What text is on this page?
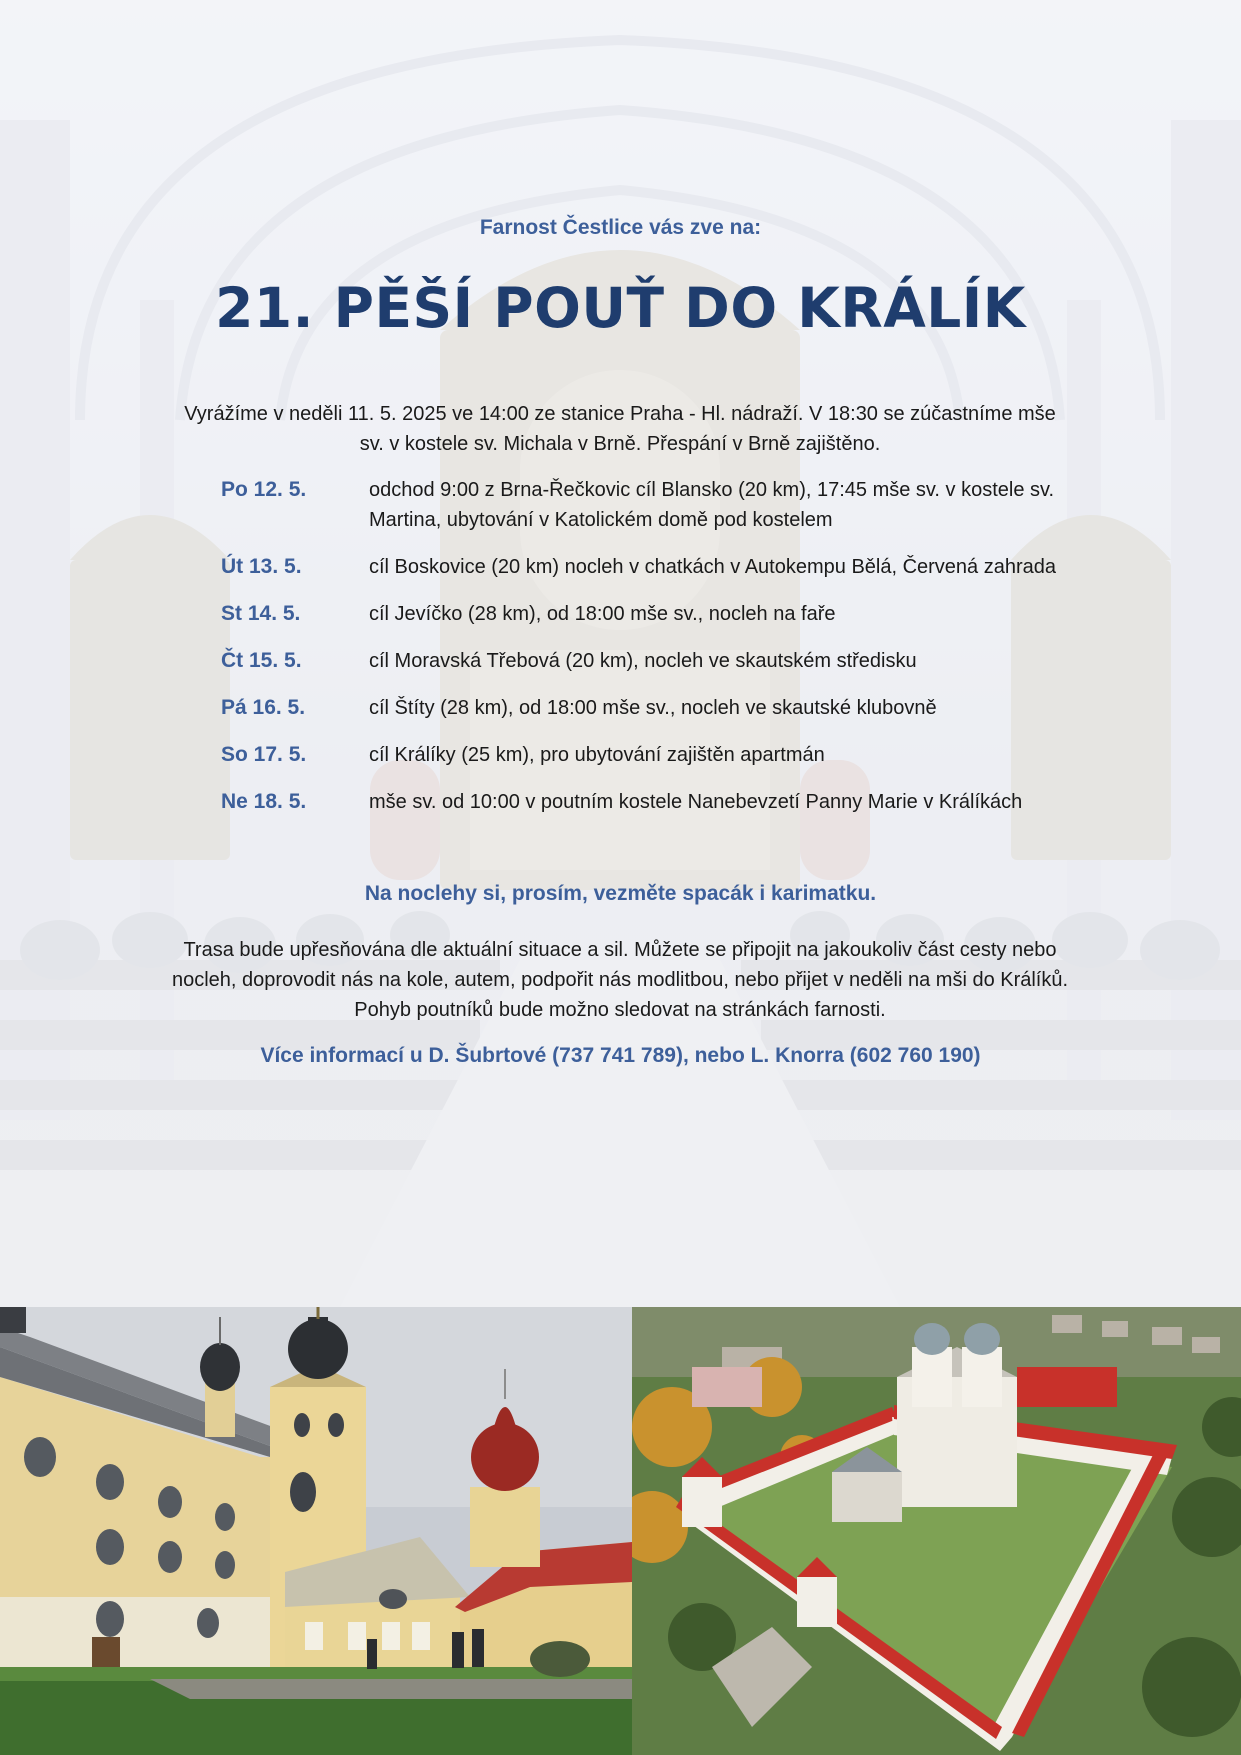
Farnost Čestlice vás zve na:
21. PĚŠÍ POUŤ DO KRÁLÍK
Vyrážíme v neděli 11. 5. 2025 ve 14:00 ze stanice Praha - Hl. nádraží. V 18:30 se zúčastníme mše sv. v kostele sv. Michala v Brně. Přespání v Brně zajištěno.
Po 12. 5.	odchod 9:00 z Brna-Řečkovic cíl Blansko (20 km), 17:45 mše sv. v kostele sv. Martina, ubytování v Katolickém domě pod kostelem
Út 13. 5.	cíl Boskovice (20 km) nocleh v chatkách v Autokempu Bělá, Červená zahrada
St 14. 5.	cíl Jevíčko (28 km), od 18:00 mše sv., nocleh na faře
Čt 15. 5.	cíl Moravská Třebová (20 km), nocleh ve skautském středisku
Pá 16. 5.	cíl Štíty (28 km), od 18:00 mše sv., nocleh ve skautské klubovně
So 17. 5.	cíl Králíky (25 km), pro ubytování zajištěn apartmán
Ne 18. 5.	mše sv. od 10:00 v poutním kostele Nanebevzetí Panny Marie v Králíkách
Na noclehy si, prosím, vezměte spacák i karimatku.
Trasa bude upřesňována dle aktuální situace a sil. Můžete se připojit na jakoukoliv část cesty nebo nocleh, doprovodit nás na kole, autem, podpořit nás modlitbou, nebo přijet v neděli na mši do Králíků. Pohyb poutníků bude možno sledovat na stránkách farnosti.
Více informací u D. Šubrtové (737 741 789), nebo L. Knorra (602 760 190)
